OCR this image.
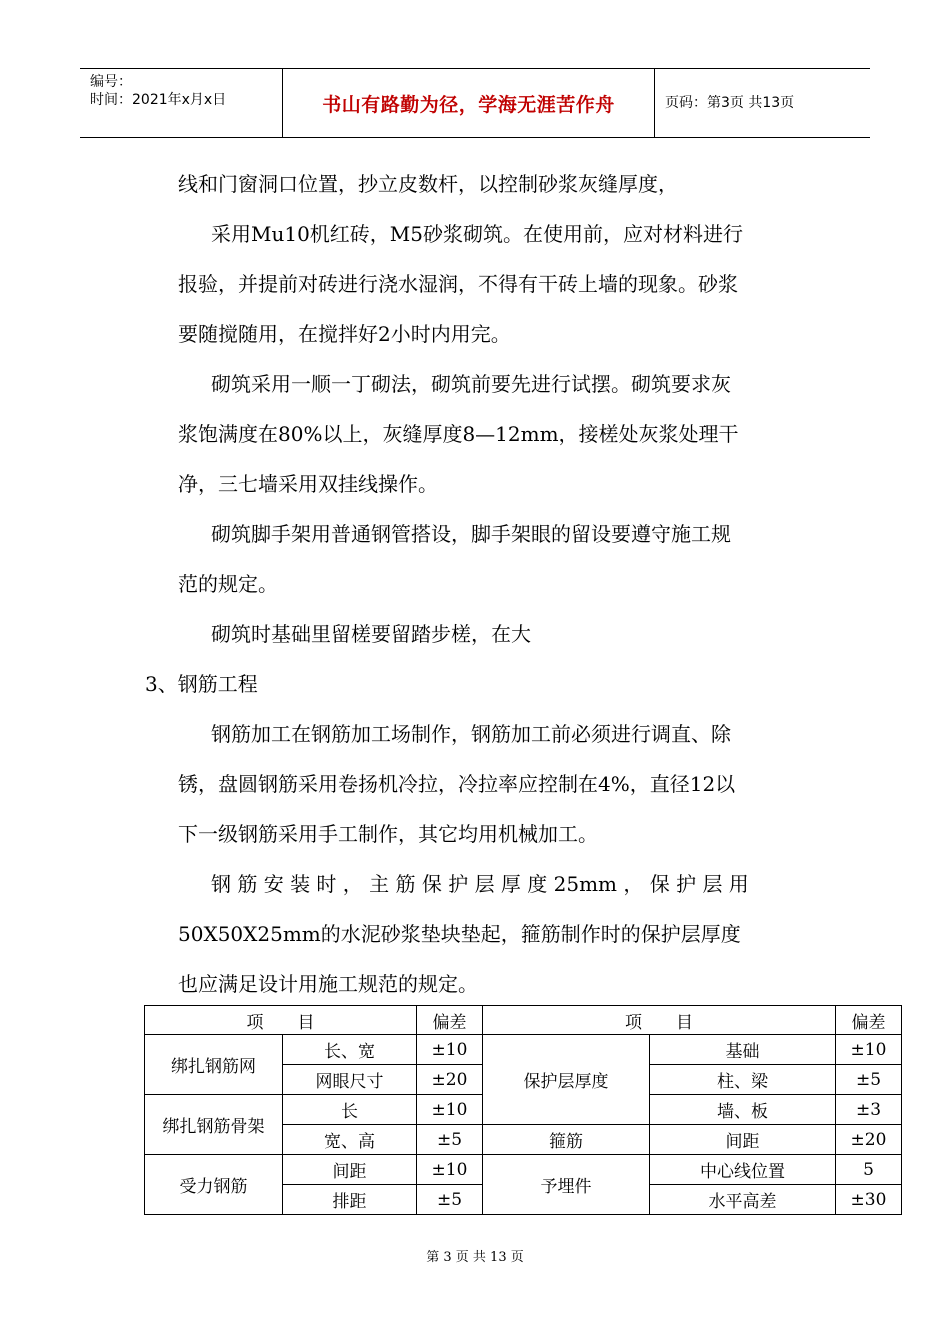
编号：
时间：2021年x月x日	书山有路勤为径，学海无涯苦作舟	页码：第3页 共13页
线和门窗洞口位置，抄立皮数杆，以控制砂浆灰缝厚度，
采用Mu10机红砖，M5砂浆砌筑。在使用前，应对材料进行
报验，并提前对砖进行浇水湿润，不得有干砖上墙的现象。砂浆
要随搅随用，在搅拌好2小时内用完。
砌筑采用一顺一丁砌法，砌筑前要先进行试摆。砌筑要求灰
浆饱满度在80%以上，灰缝厚度8—12mm，接槎处灰浆处理干
净，三七墙采用双挂线操作。
砌筑脚手架用普通钢管搭设，脚手架眼的留设要遵守施工规
范的规定。
砌筑时基础里留槎要留踏步槎，在大
3、钢筋工程
钢筋加工在钢筋加工场制作，钢筋加工前必须进行调直、除
锈，盘圆钢筋采用卷扬机冷拉，冷拉率应控制在4%，直径12以
下一级钢筋采用手工制作，其它均用机械加工。
钢 筋 安 装 时 ， 主 筋 保 护 层 厚 度 25mm ， 保 护 层 用
50X50X25mm的水泥砂浆垫块垫起，箍筋制作时的保护层厚度
也应满足设计用施工规范的规定。
项　　目		偏差	项　　目		偏差
绑扎钢筋网	长、宽	±10	保护层厚度	基础	±10
	网眼尺寸	±20		柱、梁	±5
绑扎钢筋骨架	长	±10		墙、板	±3
	宽、高	±5	箍筋	间距	±20
受力钢筋	间距	±10	予埋件	中心线位置	5
	排距	±5		水平高差	±30
第 3 页 共 13 页
